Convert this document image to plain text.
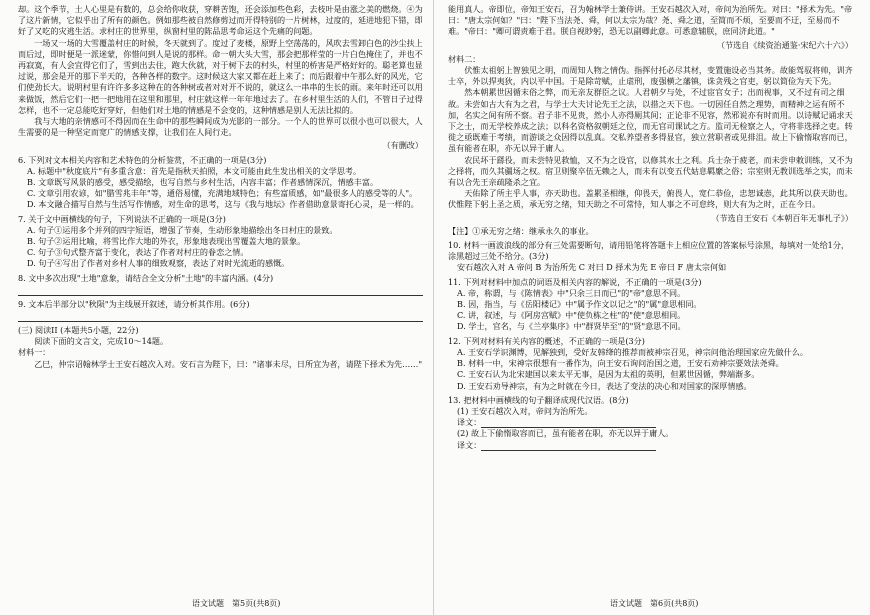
却。这个季节，土人心里是有数的，总会给你收获，穿耕苦饱，还会添加些色彩，去枝叶是由涨之美的燃烧。④为了这片新情，它似乎出了所有的颜色。例如那些被自然修剪过而开得特别的一片树林，过度的，延进地犯下错，即好了又吃的灾逃生活。求村庄的世界里，纵窗村里的陈品思考命运这个先痛的问题。

一场又一场的大雪覆盖村庄的时候，冬天就到了。度过了麦楼，原野上空荡荡的，风吹去雪卸白色的沙尘扶上而后过，即时便是一派迷蒙，你惜问到人是说的那样。命一朝大头大雪，那会把那样莹的一片白色掩住了，并也不再寂寞，有人会宜得它们了，雪到出去住，跑大伙就，对于树下去的村头，村里的桥害是严格好好的。聪老算也显过说，那会是开的那下半天的，各种各样的数字。这时候这大家又都在赶上来了；而后跟着中午那么好的风光，它们使劲长大。说明村里有许许多多这种在的各种树或者对对开不说的，就这么一串串的生长的雨。来年时还可以用来做饭，然后它们一把一把地用在这里和那里，村庄就这样一年年地过去了。在乡村里生活的人们，不管日子过得怎样，也不一定总能吃好穿好，但他们对土地的情感是不会变的，这种情感是别人无法比拟的。

我与大地的亲情感可不得因而在生命中的那些瞬间成为光影的一部分。一个人的世界可以很小也可以很大，人生需要的是一种坚定而宽广的情感支撑，让我们在人间行走。

（有删改）

6. 下列对文本相关内容和艺术特色的分析鉴赏，不正确的一项是(3分)

A. 标题中"秋度底片"有多重含意：首先是指秋天拍照，本文可能由此生发出相关的文学思考。

B. 文章既写风景的感受，感受描绘，也写自然与乡村生活，内容丰富；作者感情深沉，情感丰富。

C. 文章引用农谚，如"腊雪兆丰年"等，通俗易懂，充满地域特色；有些富质感，如"最很多人的感受等的人"。

D. 本文融合描写自然与生活写作情感，对生命的思考，这与《我与地坛》作者借助意景寄托心灵，是一样的。

7. 关于文中画横线的句子，下列说法不正确的一项是(3分)

A. 句子①运用多个并列的四字短语，增强了节奏，生动形象地描绘出冬日村庄的景致。

B. 句子②运用比喻，将雪比作大地的外衣，形象地表现出雪覆盖大地的景象。

C. 句子③句式整齐富于变化，表达了作者对村庄的眷恋之情。

D. 句子④写出了作者对乡村人事的细致观察，表达了对时光流逝的感慨。

8. 文中多次出现"土地"意象，请结合全文分析"土地"的丰富内涵。(4分)

9. 文本后半部分以"秋陨"为主线展开叙述，请分析其作用。(6分)

(三) 阅读II (本题共5小题，22分)

阅读下面的文言文，完成10～14题。

材料一：

乙巳，仲宗诏翰林学士王安石越次入对。安石言为陛下，曰："诸事未尽，日所宜为者，请陛下择术为先……"

能用真人。帝即位，帝知王安石，召为翰林学士兼侍讲。王安石越次入对，帝问为治所先。对曰："择术为先。"帝曰："唐太宗何如？"曰："陛下当法尧、舜，何以太宗为哉？尧、舜之道，至简而不烦，至要而不迂，至易而不难。"帝曰："卿可谓责难于君。朕自视眇躬，恐无以副卿此意。可悉意辅朕，庶同济此道。"

（节选自《续资治通鉴·宋纪六十六》）

材料二：

伏惟太祖躬上智独见之明，而周知人物之情伪。指挥付托必尽其材，变置施设必当其务。故能驾驭将帅，训齐士卒，外以捍夷狄，内以平中国。于是除苛赋，止虐刑，废强横之藩镇，诛贪残之官吏，躬以简俭为天下先。

然本朝累世因循末俗之弊，而无亲友群臣之议。人君朝夕与处，不过宦官女子；出而视事，又不过有司之细故。未尝如古大有为之君，与学士大夫讨论先王之法，以措之天下也。一切因任自然之理势，而精神之运有所不加，名实之间有所不察。君子非不见贵，然小人亦得厕其间；正论非不见容，然邪说亦有时而用。以诗赋记诵求天下之士，而无学校养成之法；以科名资格叙朝廷之位，而无官司课试之方。监司无检察之人，守将非选择之吏。转徙之亟既难于考绩，而游谈之众因得以乱真。交私养望者多得显官，独立营职者或见排沮。故上下偷惰取容而已，虽有能者在职，亦无以异于庸人。

农民坏于繇役，而未尝特见救恤，又不为之设官，以修其水土之利。兵士杂于疲老，而未尝申敕训练，又不为之择将，而久其疆场之权。宿卫则聚卒伍无赖之人，而未有以变五代姑息羁縻之俗；宗室则无教训选举之实，而未有以合先王亲疏隆杀之宜。

天佑除了所主乎人事，亦天助也。盖累圣相继，仰畏天，俯畏人，宽仁恭俭，忠恕诚悫，此其所以获天助也。伏惟陛下躬上圣之质，承无穷之绪，知天助之不可常恃，知人事之不可怠终，则大有为之时，正在今日。

（节选自王安石《本朝百年无事札子》）

【注】①承无穷之绪：继承永久的事业。

10. 材料一画波浪线的部分有三处需要断句，请用铅笔将答题卡上相应位置的答案标号涂黑，每填对一处给1分，涂黑超过三处不给分。(3分)

安石越次入对 A 帝问 B 为治所先 C 对曰 D 择术为先 E 帝曰 F 唐太宗何如

11. 下列对材料中加点的词语及相关内容的解说，不正确的一项是(3分)

A. 帝，称谓，与《陈情表》中"只余三日而已"的"帝"意思不同。

B. 因，指当，与《岳阳楼记》中"属予作文以记之"的"属"意思相同。

C. 讲，叙述，与《阿房宫赋》中"使负栋之柱"的"使"意思相同。

D. 学士，官名，与《兰亭集序》中"群贤毕至"的"贤"意思不同。

12. 下列对材料有关内容的概述，不正确的一项是(3分)

A. 王安石学识渊博，见解独到，受好友韩绛的推荐而被神宗召见，神宗问他治理国家应先做什么。

B. 材料一中，宋神宗很想有一番作为，向王安石询问治国之道，王安石劝神宗要效法尧舜。

C. 王安石认为北宋建国以来太平无事，是因为太祖的英明，但累世因循，弊端渐多。

D. 王安石劝导神宗，有为之时就在今日，表达了变法的决心和对国家的深厚情感。

13. 把材料中画横线的句子翻译成现代汉语。(8分)

(1) 王安石越次入对，帝问为治所先。

译文：

(2) 故上下偷惰取容而已，虽有能者在职，亦无以异于庸人。

译文：

语文试题　第5页(共8页)	语文试题　第6页(共8页)
